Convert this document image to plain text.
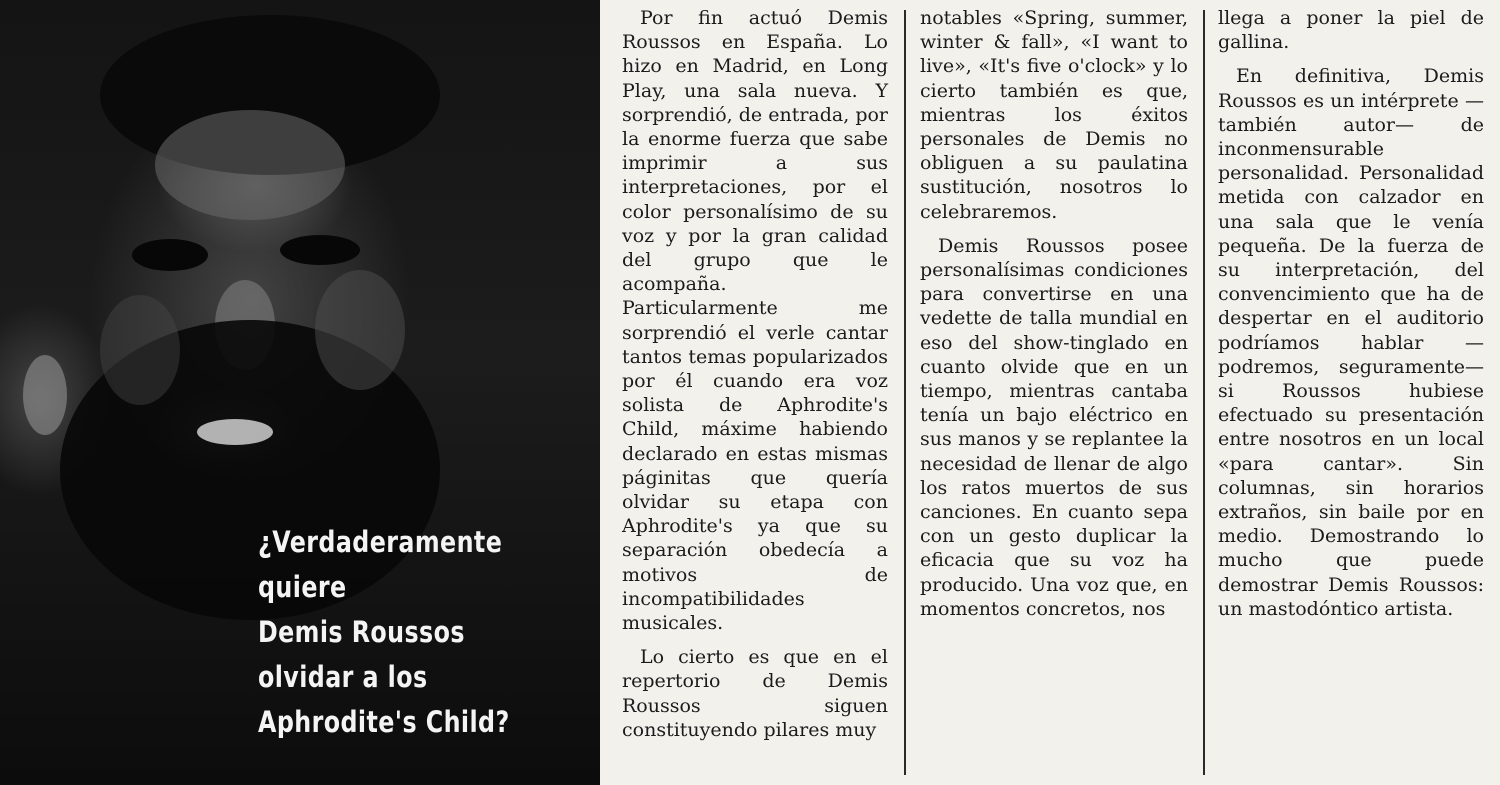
¿Verdaderamente
quiere
Demis Roussos
olvidar a los
Aphrodite's Child?

Por fin actuó Demis Roussos en España. Lo hizo en Madrid, en Long Play, una sala nueva. Y sorprendió, de entrada, por la enorme fuerza que sabe imprimir a sus interpretaciones, por el color personalísimo de su voz y por la gran calidad del grupo que le acompaña. Particularmente me sorprendió el verle cantar tantos temas popularizados por él cuando era voz solista de Aphrodite's Child, máxime habiendo declarado en estas mismas páginitas que quería olvidar su etapa con Aphrodite's ya que su separación obedecía a motivos de incompatibilidades musicales.

Lo cierto es que en el repertorio de Demis Roussos siguen constituyendo pilares muy

notables «Spring, summer, winter & fall», «I want to live», «It's five o'clock» y lo cierto también es que, mientras los éxitos personales de Demis no obliguen a su paulatina sustitución, nosotros lo celebraremos.

Demis Roussos posee personalísimas condiciones para convertirse en una vedette de talla mundial en eso del show-tinglado en cuanto olvide que en un tiempo, mientras cantaba tenía un bajo eléctrico en sus manos y se replantee la necesidad de llenar de algo los ratos muertos de sus canciones. En cuanto sepa con un gesto duplicar la eficacia que su voz ha producido. Una voz que, en momentos concretos, nos

llega a poner la piel de gallina.

En definitiva, Demis Roussos es un intérprete —también autor— de inconmensurable personalidad. Personalidad metida con calzador en una sala que le venía pequeña. De la fuerza de su interpretación, del convencimiento que ha de despertar en el auditorio podríamos hablar —podremos, seguramente— si Roussos hubiese efectuado su presentación entre nosotros en un local «para cantar». Sin columnas, sin horarios extraños, sin baile por en medio. Demostrando lo mucho que puede demostrar Demis Roussos: un mastodóntico artista.
